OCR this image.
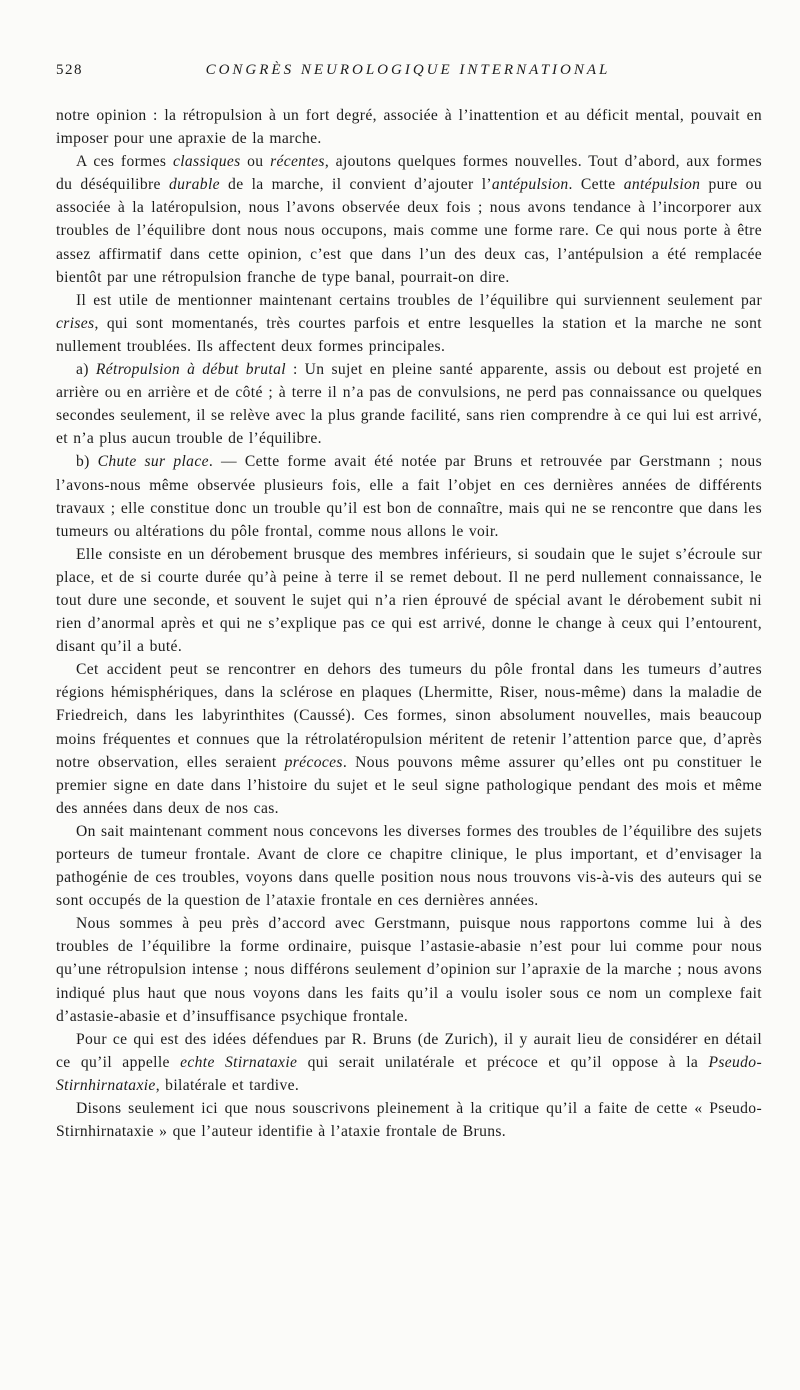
528	CONGRÈS NEUROLOGIQUE INTERNATIONAL

notre opinion : la rétropulsion à un fort degré, associée à l’inattention et au déficit mental, pouvait en imposer pour une apraxie de la marche.

A ces formes classiques ou récentes, ajoutons quelques formes nouvelles. Tout d’abord, aux formes du déséquilibre durable de la marche, il convient d’ajouter l’antépulsion. Cette antépulsion pure ou associée à la latéropulsion, nous l’avons observée deux fois ; nous avons tendance à l’incorporer aux troubles de l’équilibre dont nous nous occupons, mais comme une forme rare. Ce qui nous porte à être assez affirmatif dans cette opinion, c’est que dans l’un des deux cas, l’antépulsion a été remplacée bientôt par une rétropulsion franche de type banal, pourrait-on dire.

Il est utile de mentionner maintenant certains troubles de l’équilibre qui surviennent seulement par crises, qui sont momentanés, très courtes parfois et entre lesquelles la station et la marche ne sont nullement troublées. Ils affectent deux formes principales.

a) Rétropulsion à début brutal : Un sujet en pleine santé apparente, assis ou debout est projeté en arrière ou en arrière et de côté ; à terre il n’a pas de convulsions, ne perd pas connaissance ou quelques secondes seulement, il se relève avec la plus grande facilité, sans rien comprendre à ce qui lui est arrivé, et n’a plus aucun trouble de l’équilibre.

b) Chute sur place. — Cette forme avait été notée par Bruns et retrouvée par Gerstmann ; nous l’avons-nous même observée plusieurs fois, elle a fait l’objet en ces dernières années de différents travaux ; elle constitue donc un trouble qu’il est bon de connaître, mais qui ne se rencontre que dans les tumeurs ou altérations du pôle frontal, comme nous allons le voir.

Elle consiste en un dérobement brusque des membres inférieurs, si soudain que le sujet s’écroule sur place, et de si courte durée qu’à peine à terre il se remet debout. Il ne perd nullement connaissance, le tout dure une seconde, et souvent le sujet qui n’a rien éprouvé de spécial avant le dérobement subit ni rien d’anormal après et qui ne s’explique pas ce qui est arrivé, donne le change à ceux qui l’entourent, disant qu’il a buté.

Cet accident peut se rencontrer en dehors des tumeurs du pôle frontal dans les tumeurs d’autres régions hémisphériques, dans la sclérose en plaques (Lhermitte, Riser, nous-même) dans la maladie de Friedreich, dans les labyrinthites (Caussé). Ces formes, sinon absolument nouvelles, mais beaucoup moins fréquentes et connues que la rétrolatéropulsion méritent de retenir l’attention parce que, d’après notre observation, elles seraient précoces. Nous pouvons même assurer qu’elles ont pu constituer le premier signe en date dans l’histoire du sujet et le seul signe pathologique pendant des mois et même des années dans deux de nos cas.

On sait maintenant comment nous concevons les diverses formes des troubles de l’équilibre des sujets porteurs de tumeur frontale. Avant de clore ce chapitre clinique, le plus important, et d’envisager la pathogénie de ces troubles, voyons dans quelle position nous nous trouvons vis-à-vis des auteurs qui se sont occupés de la question de l’ataxie frontale en ces dernières années.

Nous sommes à peu près d’accord avec Gerstmann, puisque nous rapportons comme lui à des troubles de l’équilibre la forme ordinaire, puisque l’astasie-abasie n’est pour lui comme pour nous qu’une rétropulsion intense ; nous différons seulement d’opinion sur l’apraxie de la marche ; nous avons indiqué plus haut que nous voyons dans les faits qu’il a voulu isoler sous ce nom un complexe fait d’astasie-abasie et d’insuffisance psychique frontale.

Pour ce qui est des idées défendues par R. Bruns (de Zurich), il y aurait lieu de considérer en détail ce qu’il appelle echte Stirnataxie qui serait unilatérale et précoce et qu’il oppose à la Pseudo-Stirnhirnataxie, bilatérale et tardive.

Disons seulement ici que nous souscrivons pleinement à la critique qu’il a faite de cette « Pseudo-Stirnhirnataxie » que l’auteur identifie à l’ataxie frontale de Bruns.
